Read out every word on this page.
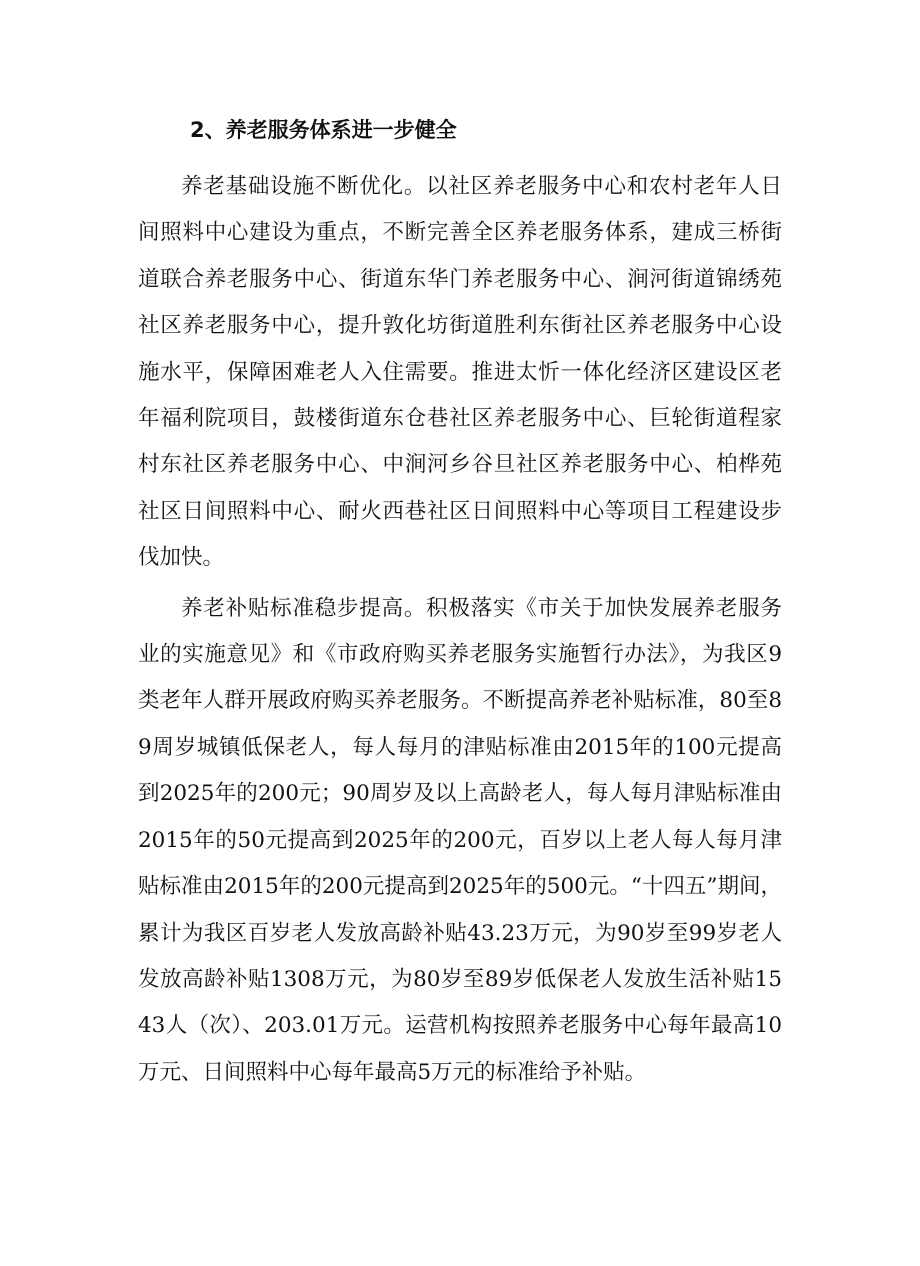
2、养老服务体系进一步健全

养老基础设施不断优化。以社区养老服务中心和农村老年人日间照料中心建设为重点，不断完善全区养老服务体系，建成三桥街道联合养老服务中心、街道东华门养老服务中心、涧河街道锦绣苑社区养老服务中心，提升敦化坊街道胜利东街社区养老服务中心设施水平，保障困难老人入住需要。推进太忻一体化经济区建设区老年福利院项目，鼓楼街道东仓巷社区养老服务中心、巨轮街道程家村东社区养老服务中心、中涧河乡谷旦社区养老服务中心、柏桦苑社区日间照料中心、耐火西巷社区日间照料中心等项目工程建设步伐加快。

养老补贴标准稳步提高。积极落实《市关于加快发展养老服务业的实施意见》和《市政府购买养老服务实施暂行办法》，为我区9类老年人群开展政府购买养老服务。不断提高养老补贴标准，80至89周岁城镇低保老人，每人每月的津贴标准由2015年的100元提高到2025年的200元；90周岁及以上高龄老人，每人每月津贴标准由2015年的50元提高到2025年的200元，百岁以上老人每人每月津贴标准由2015年的200元提高到2025年的500元。“十四五”期间，累计为我区百岁老人发放高龄补贴43.23万元，为90岁至99岁老人发放高龄补贴1308万元，为80岁至89岁低保老人发放生活补贴1543人（次）、203.01万元。运营机构按照养老服务中心每年最高10万元、日间照料中心每年最高5万元的标准给予补贴。
